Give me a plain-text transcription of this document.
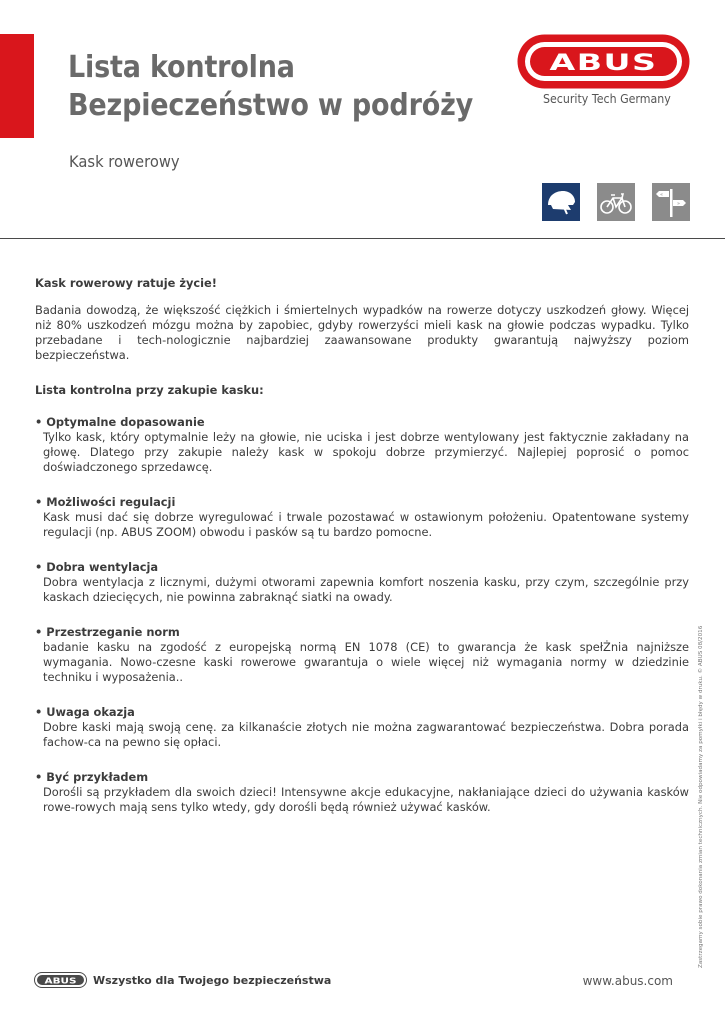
Lista kontrolna
Bezpieczeństwo w podróży
Kask rowerowy
ABUS
Security Tech Germany
«
»

Kask rowerowy ratuje życie!

Badania dowodzą, że większość ciężkich i śmiertelnych wypadków na rowerze dotyczy uszkodzeń głowy. Więcej niż 80% uszkodzeń mózgu można by zapobiec, gdyby rowerzyści mieli kask na głowie podczas wypadku. Tylko przebadane i tech-nologicznie najbardziej zaawansowane produkty gwarantują najwyższy poziom bezpieczeństwa.

Lista kontrolna przy zakupie kasku:

• Optymalne dopasowanie
Tylko kask, który optymalnie leży na głowie, nie uciska i jest dobrze wentylowany jest faktycznie zakładany na głowę. Dlatego przy zakupie należy kask w spokoju dobrze przymierzyć. Najlepiej poprosić o pomoc doświadczonego sprzedawcę.
• Możliwości regulacji
Kask musi dać się dobrze wyregulować i trwale pozostawać w ostawionym położeniu. Opatentowane systemy regulacji (np. ABUS ZOOM) obwodu i pasków są tu bardzo pomocne.
• Dobra wentylacja
Dobra wentylacja z licznymi, dużymi otworami zapewnia komfort noszenia kasku, przy czym, szczególnie przy kaskach dziecięcych, nie powinna zabraknąć siatki na owady.
• Przestrzeganie norm
badanie kasku na zgodość z europejską normą EN 1078 (CE) to gwarancja że kask spełŻnia najniższe wymagania. Nowo-czesne kaski rowerowe gwarantuja o wiele więcej niż wymagania normy w dziedzinie techniku i wyposażenia..
• Uwaga okazja
Dobre kaski mają swoją cenę. za kilkanaście złotych nie można zagwarantować bezpieczeństwa. Dobra porada fachow-ca na pewno się opłaci.
• Być przykładem
Dorośli są przykładem dla swoich dzieci! Intensywne akcje edukacyjne, nakłaniające dzieci do używania kasków rowe-rowych mają sens tylko wtedy, gdy dorośli będą również używać kasków.	Zastrzegamy sobie prawo dokonania zmian technicznych. Nie odpowiadamy za pomyłki i błędy w druku. © ABUS 08/2016
ABUS Wszystko dla Twojego bezpieczeństwa	www.abus.com
